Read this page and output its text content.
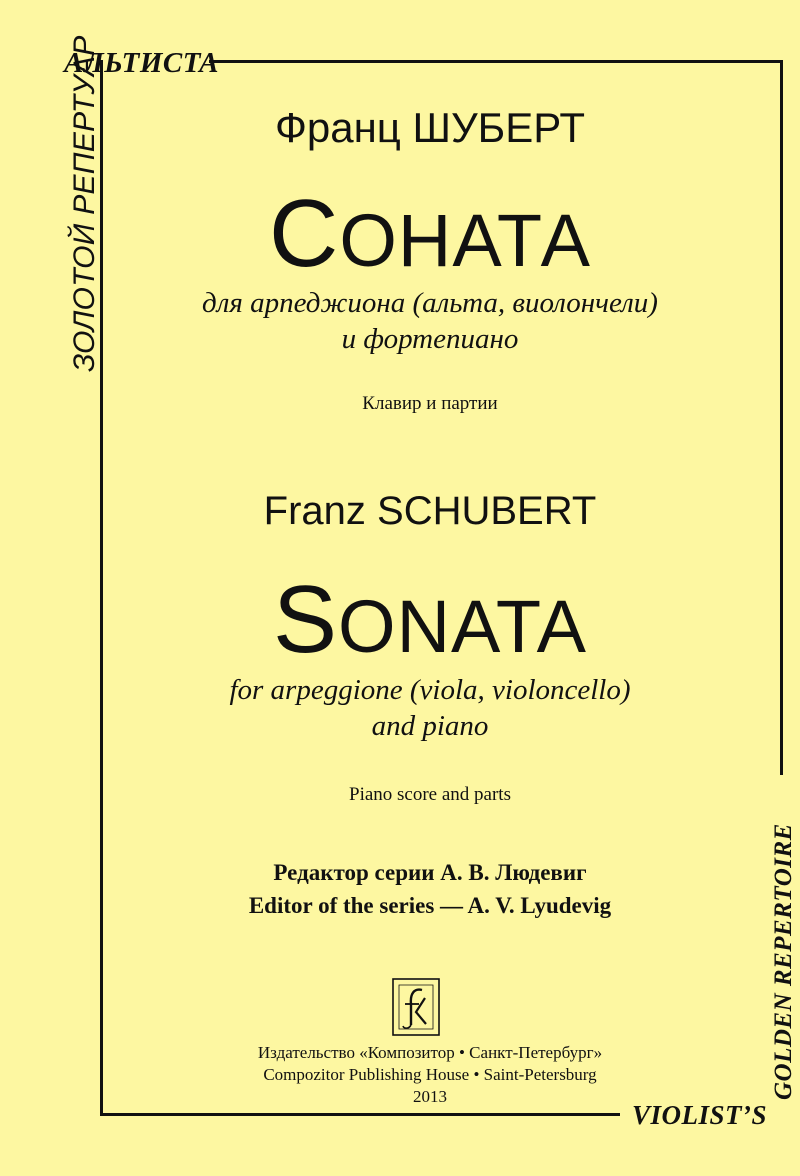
АЛЬТИСТА
ЗОЛОТОЙ РЕПЕРТУАР
GOLDEN REPERTOIRE
VIOLIST’S
Франц ШУБЕРТ
СОНАТА
для арпеджиона (альта, виолончели)
и фортепиано
Клавир и партии
Franz SCHUBERT
SONATA
for arpeggione (viola, violoncello)
and piano
Piano score and parts
Редактор серии А. В. Людевиг
Editor of the series — A. V. Lyudevig
Издательство «Композитор • Санкт-Петербург»
Compozitor Publishing House • Saint-Petersburg
2013
